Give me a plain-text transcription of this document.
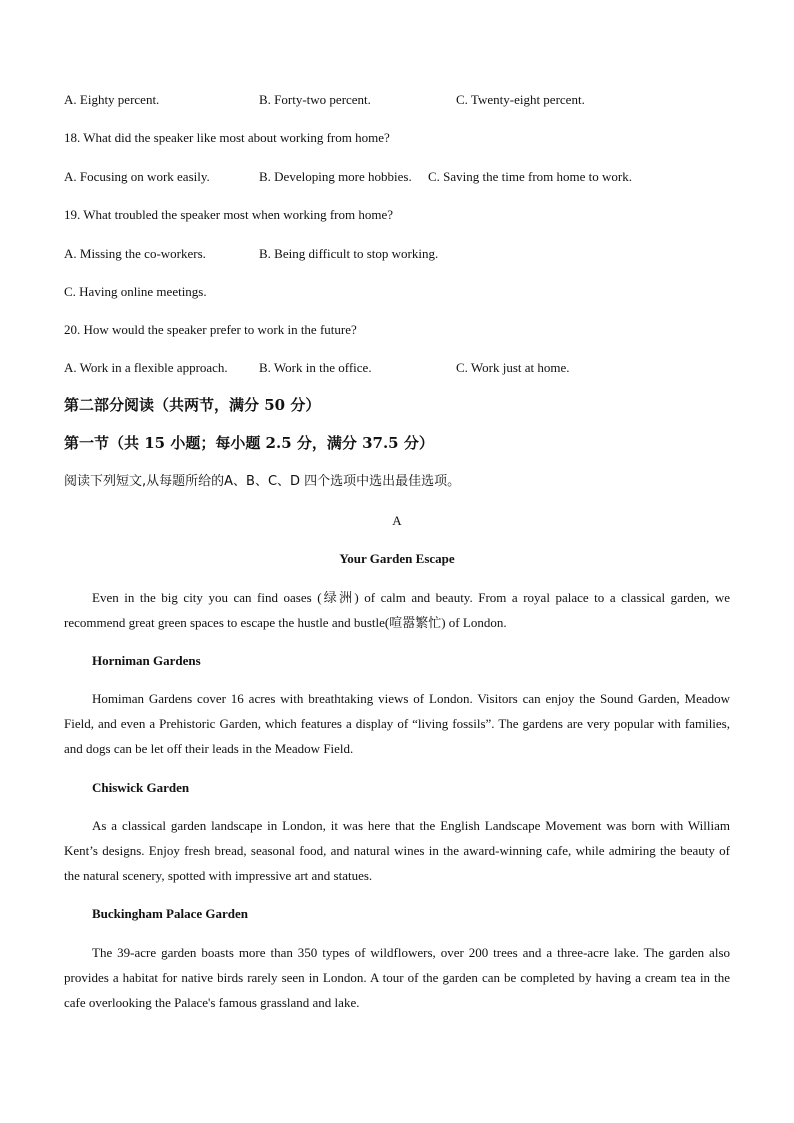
A. Eighty percent.	B. Forty-two percent.	C. Twenty-eight percent.
18. What did the speaker like most about working from home?
A. Focusing on work easily.	B. Developing more hobbies. C. Saving the time from home to work.
19. What troubled the speaker most when working from home?
A. Missing the co-workers.	B. Being difficult to stop working.
C. Having online meetings.
20. How would the speaker prefer to work in the future?
A. Work in a flexible approach. B. Work in the office.	C. Work just at home.
第二部分阅读（共两节，满分 50 分）
第一节（共 15 小题；每小题 2.5 分，满分 37.5 分）
阅读下列短文,从每题所给的A、B、C、D 四个选项中选出最佳选项。
A
Your Garden Escape
Even in the big city you can find oases (绿洲) of calm and beauty. From a royal palace to a classical garden, we recommend great green spaces to escape the hustle and bustle(喧嚣繁忙) of London.
Horniman Gardens
Homiman Gardens cover 16 acres with breathtaking views of London. Visitors can enjoy the Sound Garden, Meadow Field, and even a Prehistoric Garden, which features a display of “living fossils”. The gardens are very popular with families, and dogs can be let off their leads in the Meadow Field.
Chiswick Garden
As a classical garden landscape in London, it was here that the English Landscape Movement was born with William Kent’s designs. Enjoy fresh bread, seasonal food, and natural wines in the award-winning cafe, while admiring the beauty of the natural scenery, spotted with impressive art and statues.
Buckingham Palace Garden
The 39-acre garden boasts more than 350 types of wildflowers, over 200 trees and a three-acre lake. The garden also provides a habitat for native birds rarely seen in London. A tour of the garden can be completed by having a cream tea in the cafe overlooking the Palace's famous grassland and lake.
